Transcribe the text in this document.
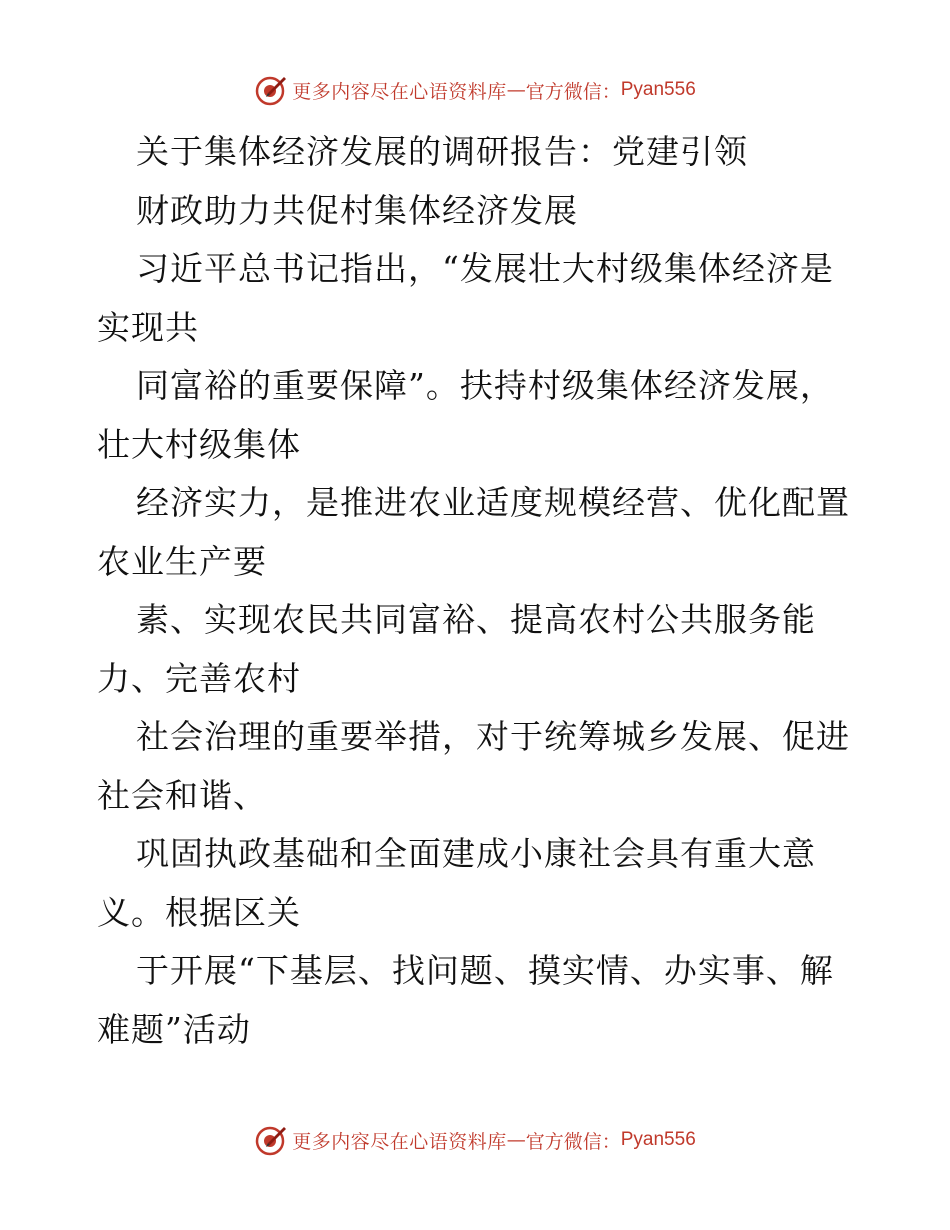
更多内容尽在心语资料库 — 官方微信： Pyan556
关于集体经济发展的调研报告：党建引领
财政助力共促村集体经济发展
习近平总书记指出，“发展壮大村级集体经济是
实现共
同富裕的重要保障”。扶持村级集体经济发展，
壮大村级集体
经济实力，是推进农业适度规模经营、优化配置
农业生产要
素、实现农民共同富裕、提高农村公共服务能
力、完善农村
社会治理的重要举措，对于统筹城乡发展、促进
社会和谐、
巩固执政基础和全面建成小康社会具有重大意
义。根据区关
于开展“下基层、找问题、摸实情、办实事、解
难题”活动
更多内容尽在心语资料库 — 官方微信： Pyan556
